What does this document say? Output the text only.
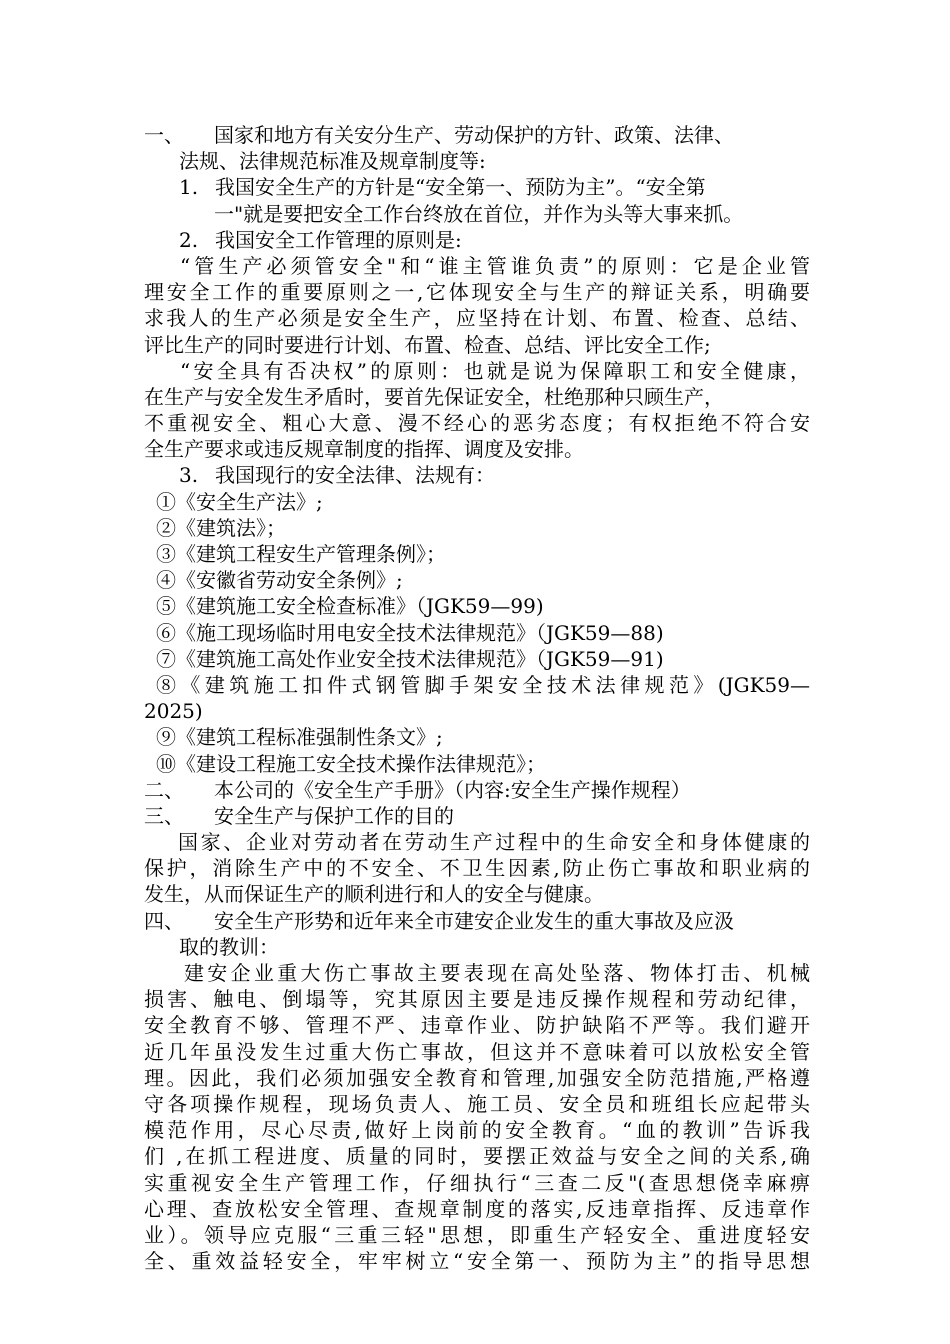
一、 国家和地方有关安分生产、劳动保护的方针、政策、法律、
法规、法律规范标准及规章制度等:
1. 我国安全生产的方针是“安全第一、预防为主”。“安全第
一"就是要把安全工作台终放在首位，并作为头等大事来抓。
2. 我国安全工作管理的原则是:
“管生产必须管安全"和“谁主管谁负责”的原则：它是企业管
理安全工作的重要原则之一,它体现安全与生产的辩证关系，明确要
求我人的生产必须是安全生产，应坚持在计划、布置、检查、总结、
评比生产的同时要进行计划、布置、检查、总结、评比安全工作;
“安全具有否决权”的原则：也就是说为保障职工和安全健康，
在生产与安全发生矛盾时，要首先保证安全，杜绝那种只顾生产，
不重视安全、粗心大意、漫不经心的恶劣态度；有权拒绝不符合安
全生产要求或违反规章制度的指挥、调度及安排。
3. 我国现行的安全法律、法规有：
①《安全生产法》;
②《建筑法》；
③《建筑工程安生产管理条例》；
④《安徽省劳动安全条例》;
⑤《建筑施工安全检查标准》（JGK59—99)
⑥《施工现场临时用电安全技术法律规范》（JGK59—88)
⑦《建筑施工高处作业安全技术法律规范》（JGK59—91)
⑧《建筑施工扣件式钢管脚手架安全技术法律规范》(JGK59—
2025)
⑨《建筑工程标准强制性条文》;
⑩《建设工程施工安全技术操作法律规范》；
二、 本公司的《安全生产手册》（内容:安全生产操作规程）
三、 安全生产与保护工作的目的
国家、企业对劳动者在劳动生产过程中的生命安全和身体健康的
保护，消除生产中的不安全、不卫生因素,防止伤亡事故和职业病的
发生，从而保证生产的顺利进行和人的安全与健康。
四、 安全生产形势和近年来全市建安企业发生的重大事故及应汲
取的教训：
建安企业重大伤亡事故主要表现在高处坠落、物体打击、机械
损害、触电、倒塌等，究其原因主要是违反操作规程和劳动纪律，
安全教育不够、管理不严、违章作业、防护缺陷不严等。我们避开
近几年虽没发生过重大伤亡事故，但这并不意味着可以放松安全管
理。因此，我们必须加强安全教育和管理,加强安全防范措施,严格遵
守各项操作规程，现场负责人、施工员、安全员和班组长应起带头
模范作用，尽心尽责,做好上岗前的安全教育。“血的教训”告诉我
们 ,在抓工程进度、质量的同时，要摆正效益与安全之间的关系,确
实重视安全生产管理工作，仔细执行“三查二反"(查思想侥幸麻痹
心理、查放松安全管理、查规章制度的落实,反违章指挥、反违章作
业）。领导应克服“三重三轻"思想，即重生产轻安全、重进度轻安
全、重效益轻安全，牢牢树立“安全第一、预防为主”的指导思想
